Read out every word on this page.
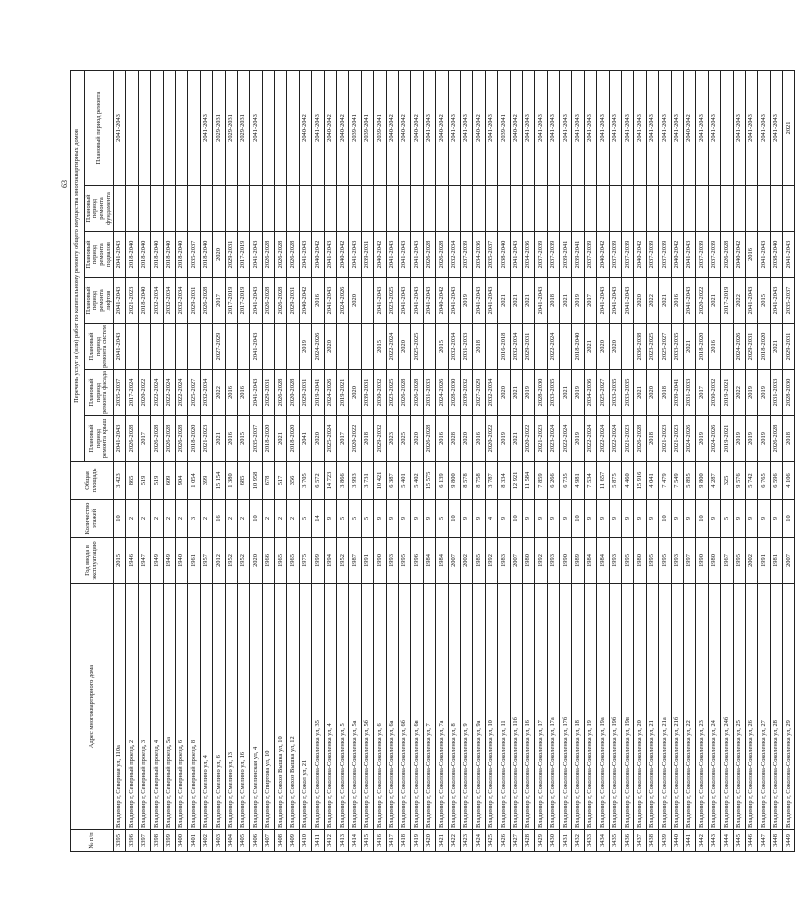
63
№ п/п	Адрес многоквартирного дома	Год ввода в эксплуатацию	Количество этажей	Общая площадь	Перечень услуг и (или) работ по капитальному ремонту общего имущества многоквартирных домов						
					Плановый период ремонта крыш	Плановый период ремонта фасада	Плановый период ремонта систем	Плановый период ремонта лифтов	Плановый период ремонта подвалов	Плановый период ремонта фундамента	Плановый период ремонта
3395	Владимир г, Северная ул, 110а	2015	10	3 423	2041-2043	2035-2037	2041-2043	2041-2043	2041-2043		2041-2043
3396	Владимир г, Северный проезд, 2	1946	2	865	2026-2028	2017-2024		2021-2023	2018-2040		
3397	Владимир г, Северный проезд, 3	1947	2	519	2017	2020-2022		2018-2040	2018-2040		
3398	Владимир г, Северный проезд, 4	1949	2	519	2026-2028	2022-2024		2032-2034	2018-2040		
3399	Владимир г, Северный проезд, 5а	1949	2	609	2026-2028	2022-2024		2032-2034	2018-2040		
3400	Владимир г, Северный проезд, 6	1940	2	904	2026-2028	2022-2024		2032-2034	2018-2040		
3401	Владимир г, Северный проезд, 8	1961	3	1 054	2018-2020	2025-2027		2029-2031	2035-2037		
3402	Владимир г, Смелино ул, 4	1957	2	399	2021-2023	2032-2034		2026-2028	2018-2040		2041-2043
3403	Владимир г, Смелино ул, 6	2012	16	15 154	2021	2022	2027-2029	2017	2020		2029-2031
3404	Владимир г, Смелино ул, 13	1952	2	1 380	2016	2016		2017-2019	2029-2031		2029-2031
3405	Владимир г, Смелино ул, 16	1952	2	685	2015	2016		2017-2019	2017-2019		2029-2031
3406	Владимир г, Смелинская ул, 4	2020	10	10 958	2035-2037	2041-2043	2041-2043	2041-2043	2041-2043		2041-2043
3407	Владимир г, Спиртова ул, 10	1966	2	678	2018-2020	2029-2031		2026-2028	2026-2028		
3408	Владимир г, Совхоз Вышка ул, 10	1965	2	517	2021	2026-2028		2026-2028	2026-2028		
3409	Владимир г, Совхоз Вышка ул, 12	1965	2	356	2018-2020	2020-2028		2029-2031	2026-2028		
3410	Владимир г, Сокол ул, 21	1975	5	3 705	2041	2029-2031	2019	2040-2042	2041-2043		2040-2042
3411	Владимир г, Соколова-Соколенка ул, 35	1999	14	6 572	2020	2019-2041	2024-2026	2016	2040-2042		2041-2043
3412	Владимир г, Соколова-Соколенка ул, 4	1994	9	14 723	2025-2024	2024-2026	2020	2041-2043	2041-2043		2040-2042
3413	Владимир г, Соколова-Соколенка ул, 5	1952	5	3 866	2017	2019-2021		2024-2026	2040-2042		2040-2042
3414	Владимир г, Соколова-Соколенка ул, 5а	1987	5	3 993	2020-2022	2020		2020	2041-2043		2039-2041
3415	Владимир г, Соколова-Соколенка ул, 5б	1991	5	3 731	2018	2039-2031			2039-2031		2039-2041
3416	Владимир г, Соколова-Соколенка ул, 6	1990	9	10 421	2029-2032	2030-2032	2015	2041-2043	2040-2042		2039-2041
3417	Владимир г, Соколова-Соколенка ул, 6а	1993	9	6 387	2023	2023-2025	2022-2024	2023-2025	2041-2043		2040-2042
3418	Владимир г, Соколова-Соколенка ул, 6б	1995	9	5 401	2025	2026-2028	2020	2041-2043	2041-2043		2040-2042
3419	Владимир г, Соколова-Соколенка ул, 6в	1996	9	5 402	2020	2026-2028	2025-2025	2041-2043	2041-2043		2040-2042
3420	Владимир г, Соколова-Соколенка ул, 7	1984	9	15 575	2026-2028	2031-2033		2041-2043	2026-2028		2041-2043
3421	Владимир г, Соколова-Соколенка ул, 7а	1984	5	6 139	2016	2024-2026	2015	2040-2042	2026-2028		2040-2042
3422	Владимир г, Соколова-Соколенка ул, 8	2007	10	9 800	2028	2028-2030	2032-2034	2041-2043	2032-2034		2041-2043
3423	Владимир г, Соколова-Соколенка ул, 9	2002	9	8 578	2020	2039-2032	2031-2033	2019	2037-2039		2041-2043
3424	Владимир г, Соколова-Соколенка ул, 9а	1985	9	8 758	2016	2027-2029	2018	2041-2043	2034-2036		2040-2042
3425	Владимир г, Соколова-Соколенка ул, 10	1992	4	3 787	2020-2022	2032-2034		2041-2043	2035-2037		2041-2043
3426	Владимир г, Соколова-Соколенка ул, 11	1983	9	8 334	2019	2020	2016-2018	2021	2038-2040		2039-2041
3427	Владимир г, Соколова-Соколенка ул, 11б	2007	10	12 921	2021	2021	2032-2034	2021	2041-2043		2040-2042
3428	Владимир г, Соколова-Соколенка ул, 16	1980	9	11 584	2020-2022	2019	2029-2031	2021	2034-2036		2041-2043
3429	Владимир г, Соколова-Соколенка ул, 17	1992	9	7 859	2021-2023	2028-2030		2041-2043	2037-2039		2041-2043
3430	Владимир г, Соколова-Соколенка ул, 17а	1993	9	6 266	2023-2024	2033-2035	2022-2024	2018	2037-2039		2041-2043
3431	Владимир г, Соколова-Соколенка ул, 17б	1990	9	6 735	2022-2024	2021		2021	2039-2041		2041-2043
3432	Владимир г, Соколова-Соколенка ул, 18	1989	10	4 981	2019	2019	2018-2040	2019	2039-2041		2041-2043
3433	Владимир г, Соколова-Соколенка ул, 19	1984	9	7 534	2022-2024	2034-2036	2021	2017	2037-2039		2041-2043
3434	Владимир г, Соколова-Соколенка ул, 19а	1984	9	11 657	2022-2024	2025-2027	2020	2041-2043	2040-2042		2041-2043
3435	Владимир г, Соколова-Соколенка ул, 19б	1993	9	5 875	2022-2024	2033-2035	2020	2041-2043	2037-2039		2041-2043
3436	Владимир г, Соколова-Соколенка ул, 19в	1995	9	4 460	2021-2023	2033-2035		2041-2043	2037-2039		2041-2043
3437	Владимир г, Соколова-Соколенка ул, 20	1980	9	15 916	2026-2028	2021	2036-2038	2020	2040-2042		2041-2043
3438	Владимир г, Соколова-Соколенка ул, 21	1995	9	4 041	2018	2020	2023-2025	2022	2037-2039		2041-2043
3439	Владимир г, Соколова-Соколенка ул, 21а	1995	10	7 479	2021-2023	2018	2025-2027	2021	2037-2039		2041-2043
3440	Владимир г, Соколова-Соколенка ул, 21б	1993	9	7 549	2021-2023	2039-2041	2033-2035	2016	2040-2042		2041-2043
3441	Владимир г, Соколова-Соколенка ул, 22	1997	9	5 895	2024-2026	2031-2033	2021	2041-2043	2041-2043		2040-2042
3442	Владимир г, Соколова-Соколенка ул, 23	1990	10	9 800	2019	2017	2018-2020	2020-2022	2037-2039		2041-2043
3443	Владимир г, Соколова-Соколенка ул, 24	1980	9	4 287	2024-2026	2030-2032	2016	2021	2037-2039		2041-2043
3444	Владимир г, Соколова-Соколенка ул, 24б	1967	5	325	2019-2021	2019-2021		2017-2019	2026-2028		
3445	Владимир г, Соколова-Соколенка ул, 25	1995	9	9 576	2019	2022	2024-2026	2022	2040-2042		2041-2043
3446	Владимир г, Соколова-Соколенка ул, 26	2002	9	5 742	2019	2019	2029-2031	2041-2043	2016		2041-2043
3447	Владимир г, Соколова-Соколенка ул, 27	1991	9	6 765	2019	2019	2018-2020	2015	2041-2043		2041-2043
3448	Владимир г, Соколова-Соколенка ул, 28	1981	9	6 596	2026-2028	2031-2033	2021	2041-2043	2038-2040		2041-2043
3449	Владимир г, Соколова-Соколенка ул, 29	2007	10	4 106	2018	2028-2030	2029-2031	2035-2037	2041-2043		2021
